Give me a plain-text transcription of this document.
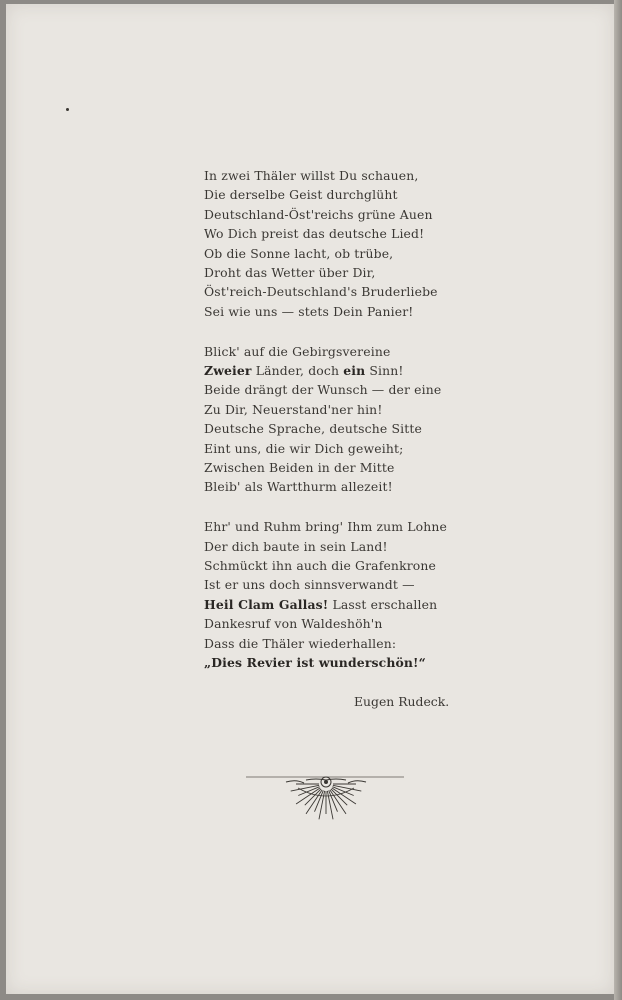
In zwei Thäler willst Du schauen,
Die derselbe Geist durchglüht
Deutschland-Öst'reichs grüne Auen
Wo Dich preist das deutsche Lied!
Ob die Sonne lacht, ob trübe,
Droht das Wetter über Dir,
Öst'reich-Deutschland's Bruderliebe
Sei wie uns — stets Dein Panier!
Blick' auf die Gebirgsvereine
Zweier Länder, doch ein Sinn!
Beide drängt der Wunsch — der eine
Zu Dir, Neuerstand'ner hin!
Deutsche Sprache, deutsche Sitte
Eint uns, die wir Dich geweiht;
Zwischen Beiden in der Mitte
Bleib' als Wartthurm allezeit!
Ehr' und Ruhm bring' Ihm zum Lohne
Der dich baute in sein Land!
Schmückt ihn auch die Grafenkrone
Ist er uns doch sinnsverwandt —
Heil Clam Gallas! Lasst erschallen
Dankesruf von Waldeshöh'n
Dass die Thäler wiederhallen:
„Dies Revier ist wunderschön!“
Eugen Rudeck.
